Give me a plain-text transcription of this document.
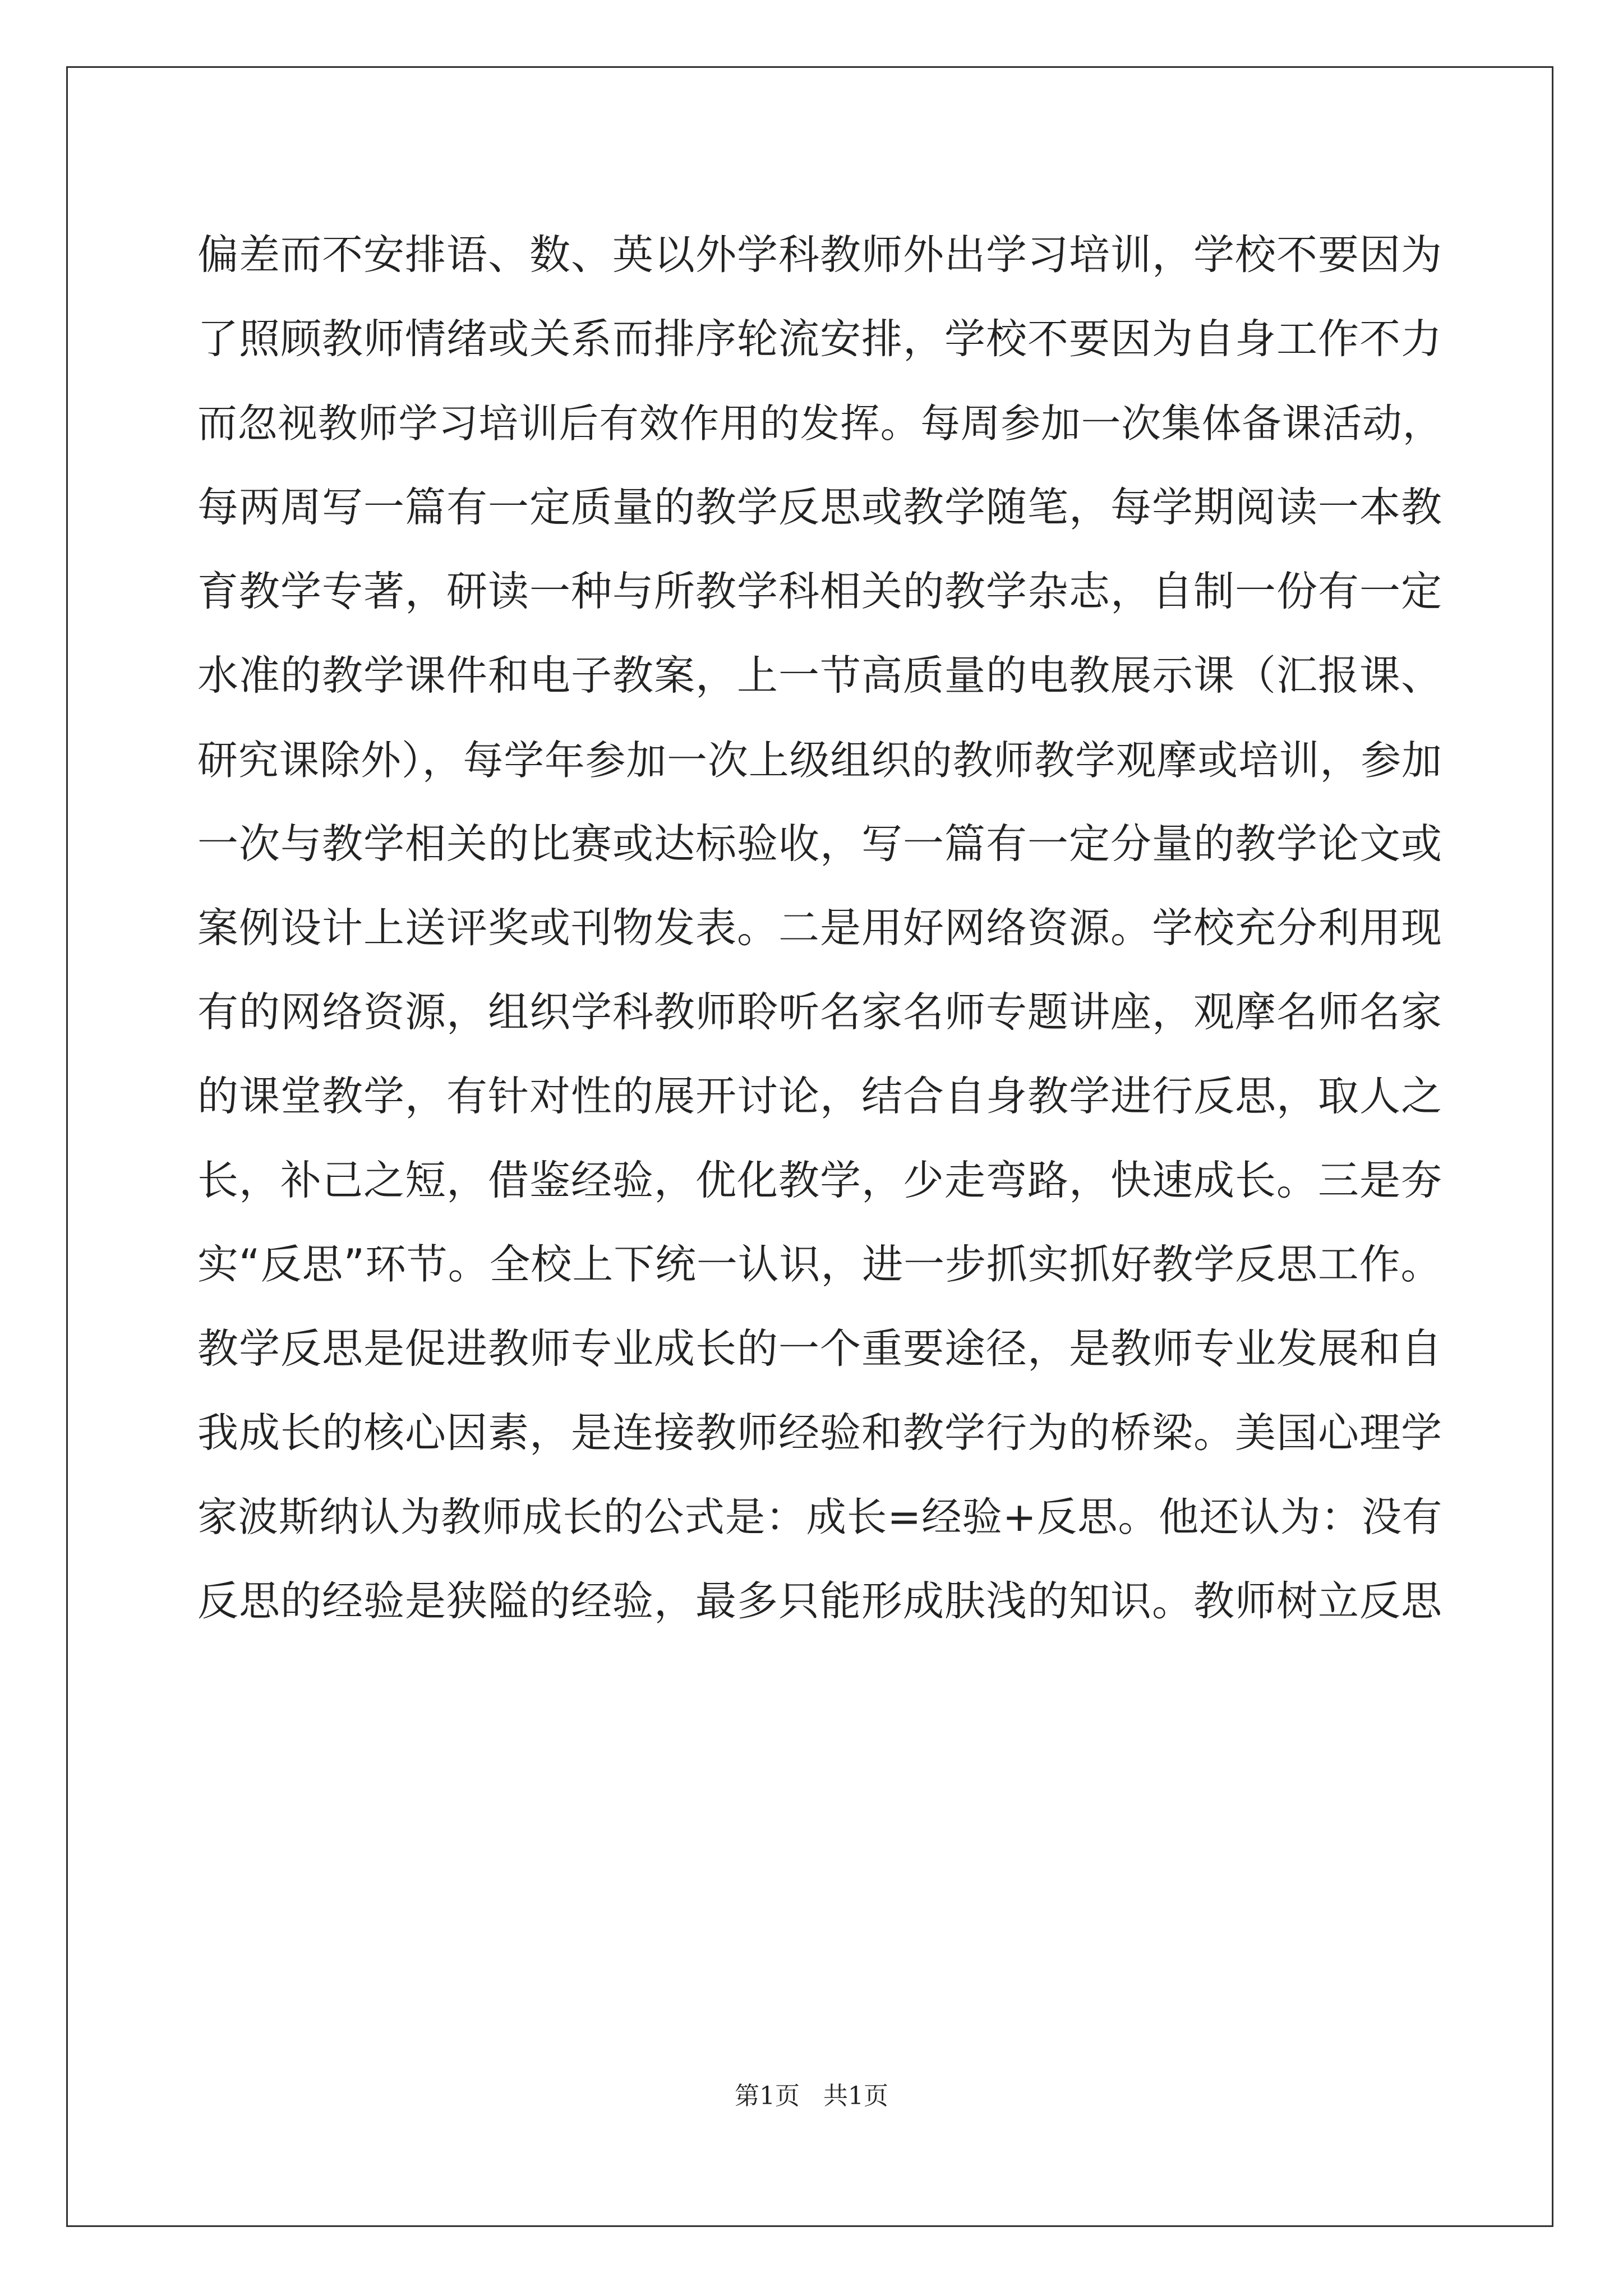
偏差而不安排语、数、英以外学科教师外出学习培训，学校不要因为
了照顾教师情绪或关系而排序轮流安排，学校不要因为自身工作不力
而忽视教师学习培训后有效作用的发挥。每周参加一次集体备课活动，
每两周写一篇有一定质量的教学反思或教学随笔，每学期阅读一本教
育教学专著，研读一种与所教学科相关的教学杂志，自制一份有一定
水准的教学课件和电子教案，上一节高质量的电教展示课（汇报课、
研究课除外），每学年参加一次上级组织的教师教学观摩或培训，参加
一次与教学相关的比赛或达标验收，写一篇有一定分量的教学论文或
案例设计上送评奖或刊物发表。二是用好网络资源。学校充分利用现
有的网络资源，组织学科教师聆听名家名师专题讲座，观摩名师名家
的课堂教学，有针对性的展开讨论，结合自身教学进行反思，取人之
长，补己之短，借鉴经验，优化教学，少走弯路，快速成长。三是夯
实“反思”环节。全校上下统一认识，进一步抓实抓好教学反思工作。
教学反思是促进教师专业成长的一个重要途径，是教师专业发展和自
我成长的核心因素，是连接教师经验和教学行为的桥梁。美国心理学
家波斯纳认为教师成长的公式是：成长=经验+反思。他还认为：没有
反思的经验是狭隘的经验，最多只能形成肤浅的知识。教师树立反思
第1页 共1页
